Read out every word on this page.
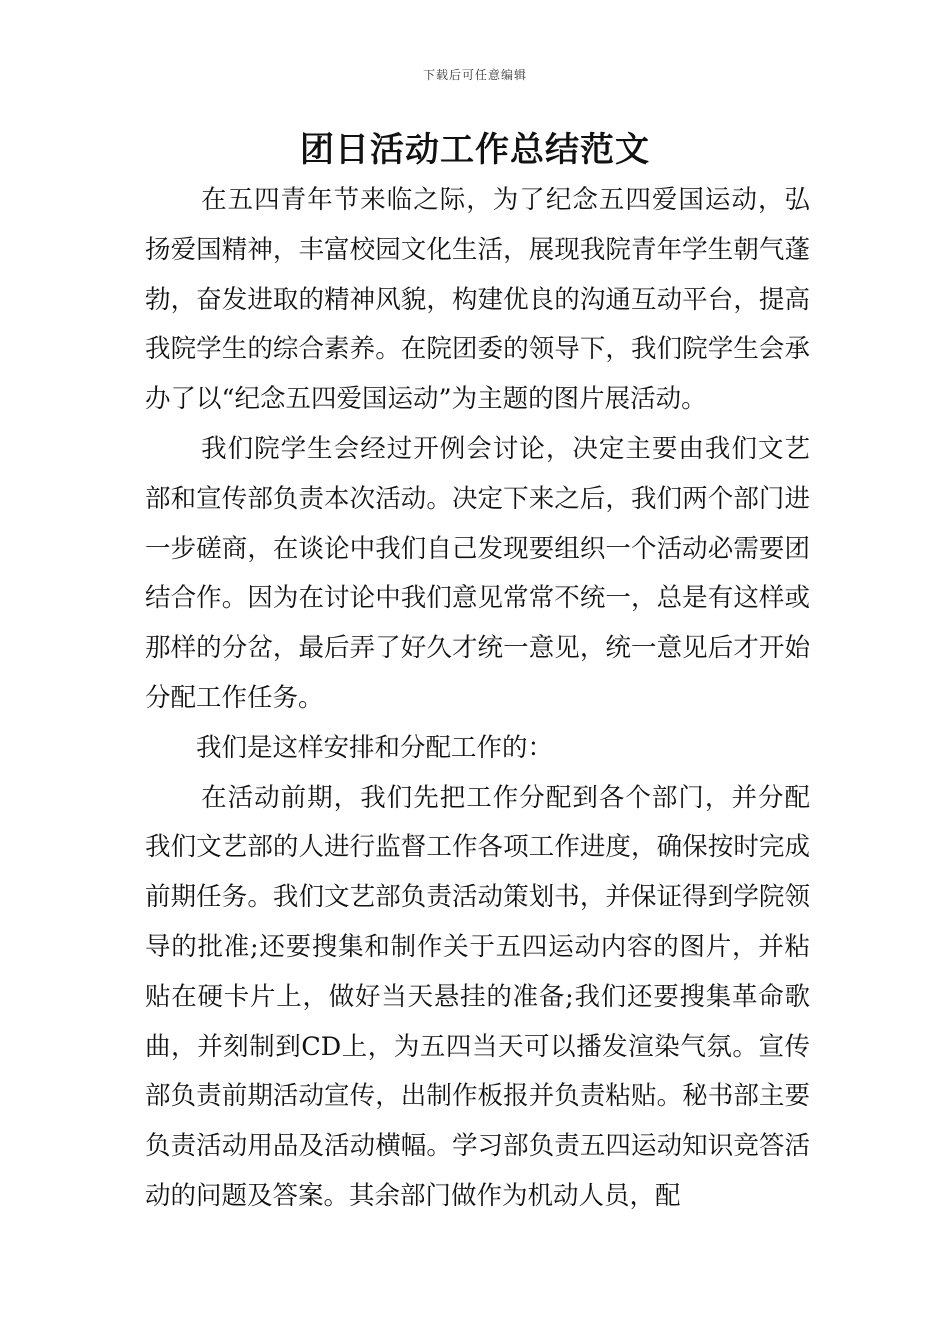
下载后可任意编辑
团日活动工作总结范文

在五四青年节来临之际，为了纪念五四爱国运动，弘扬爱国精神，丰富校园文化生活，展现我院青年学生朝气蓬勃，奋发进取的精神风貌，构建优良的沟通互动平台，提高我院学生的综合素养。在院团委的领导下，我们院学生会承办了以“纪念五四爱国运动”为主题的图片展活动。

我们院学生会经过开例会讨论，决定主要由我们文艺部和宣传部负责本次活动。决定下来之后，我们两个部门进一步磋商，在谈论中我们自己发现要组织一个活动必需要团结合作。因为在讨论中我们意见常常不统一，总是有这样或那样的分岔，最后弄了好久才统一意见，统一意见后才开始分配工作任务。

我们是这样安排和分配工作的：

在活动前期，我们先把工作分配到各个部门，并分配我们文艺部的人进行监督工作各项工作进度，确保按时完成前期任务。我们文艺部负责活动策划书，并保证得到学院领导的批准;还要搜集和制作关于五四运动内容的图片，并粘贴在硬卡片上，做好当天悬挂的准备;我们还要搜集革命歌曲，并刻制到CD上，为五四当天可以播发渲染气氛。宣传部负责前期活动宣传，出制作板报并负责粘贴。秘书部主要负责活动用品及活动横幅。学习部负责五四运动知识竞答活动的问题及答案。其余部门做作为机动人员，配
